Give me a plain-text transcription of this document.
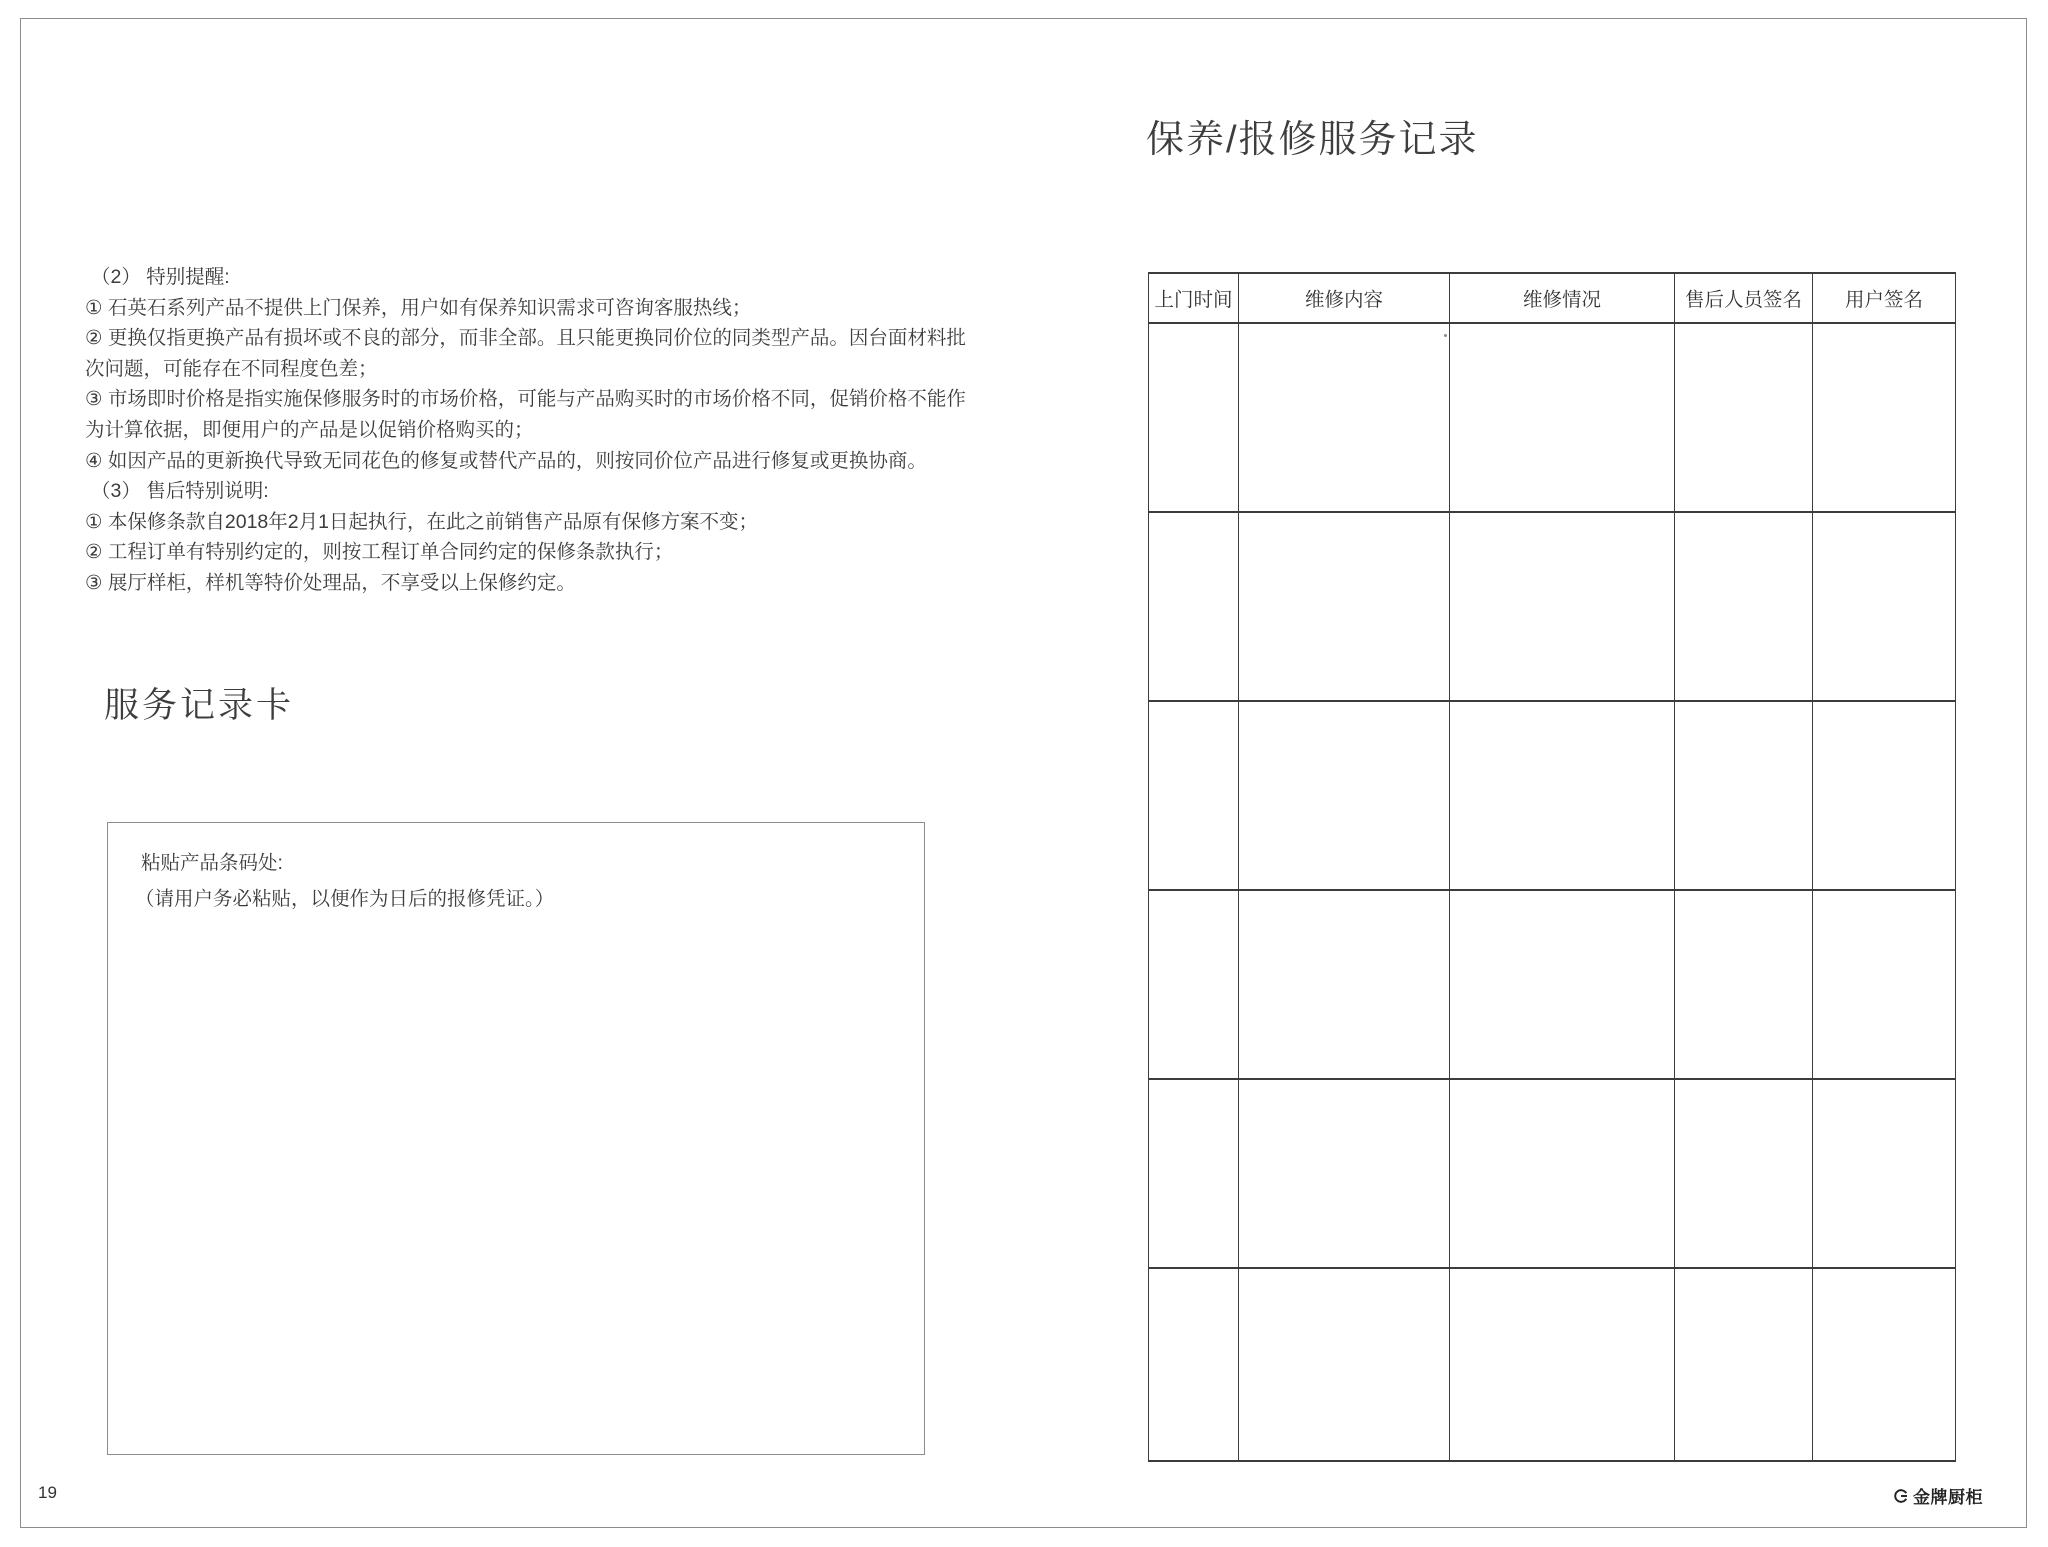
（2） 特别提醒:
① 石英石系列产品不提供上门保养，用户如有保养知识需求可咨询客服热线；
② 更换仅指更换产品有损坏或不良的部分，而非全部。且只能更换同价位的同类型产品。因台面材料批
次问题，可能存在不同程度色差；
③ 市场即时价格是指实施保修服务时的市场价格，可能与产品购买时的市场价格不同，促销价格不能作
为计算依据，即便用户的产品是以促销价格购买的；
④ 如因产品的更新换代导致无同花色的修复或替代产品的，则按同价位产品进行修复或更换协商。
（3） 售后特别说明:
① 本保修条款自2018年2月1日起执行，在此之前销售产品原有保修方案不变；
② 工程订单有特别约定的，则按工程订单合同约定的保修条款执行；
③ 展厅样柜，样机等特价处理品，不享受以上保修约定。
服务记录卡
粘贴产品条码处:
（请用户务必粘贴，以便作为日后的报修凭证。）
保养/报修服务记录
上门时间	维修内容	维修情况	售后人员签名	用户签名

19	金牌厨柜
